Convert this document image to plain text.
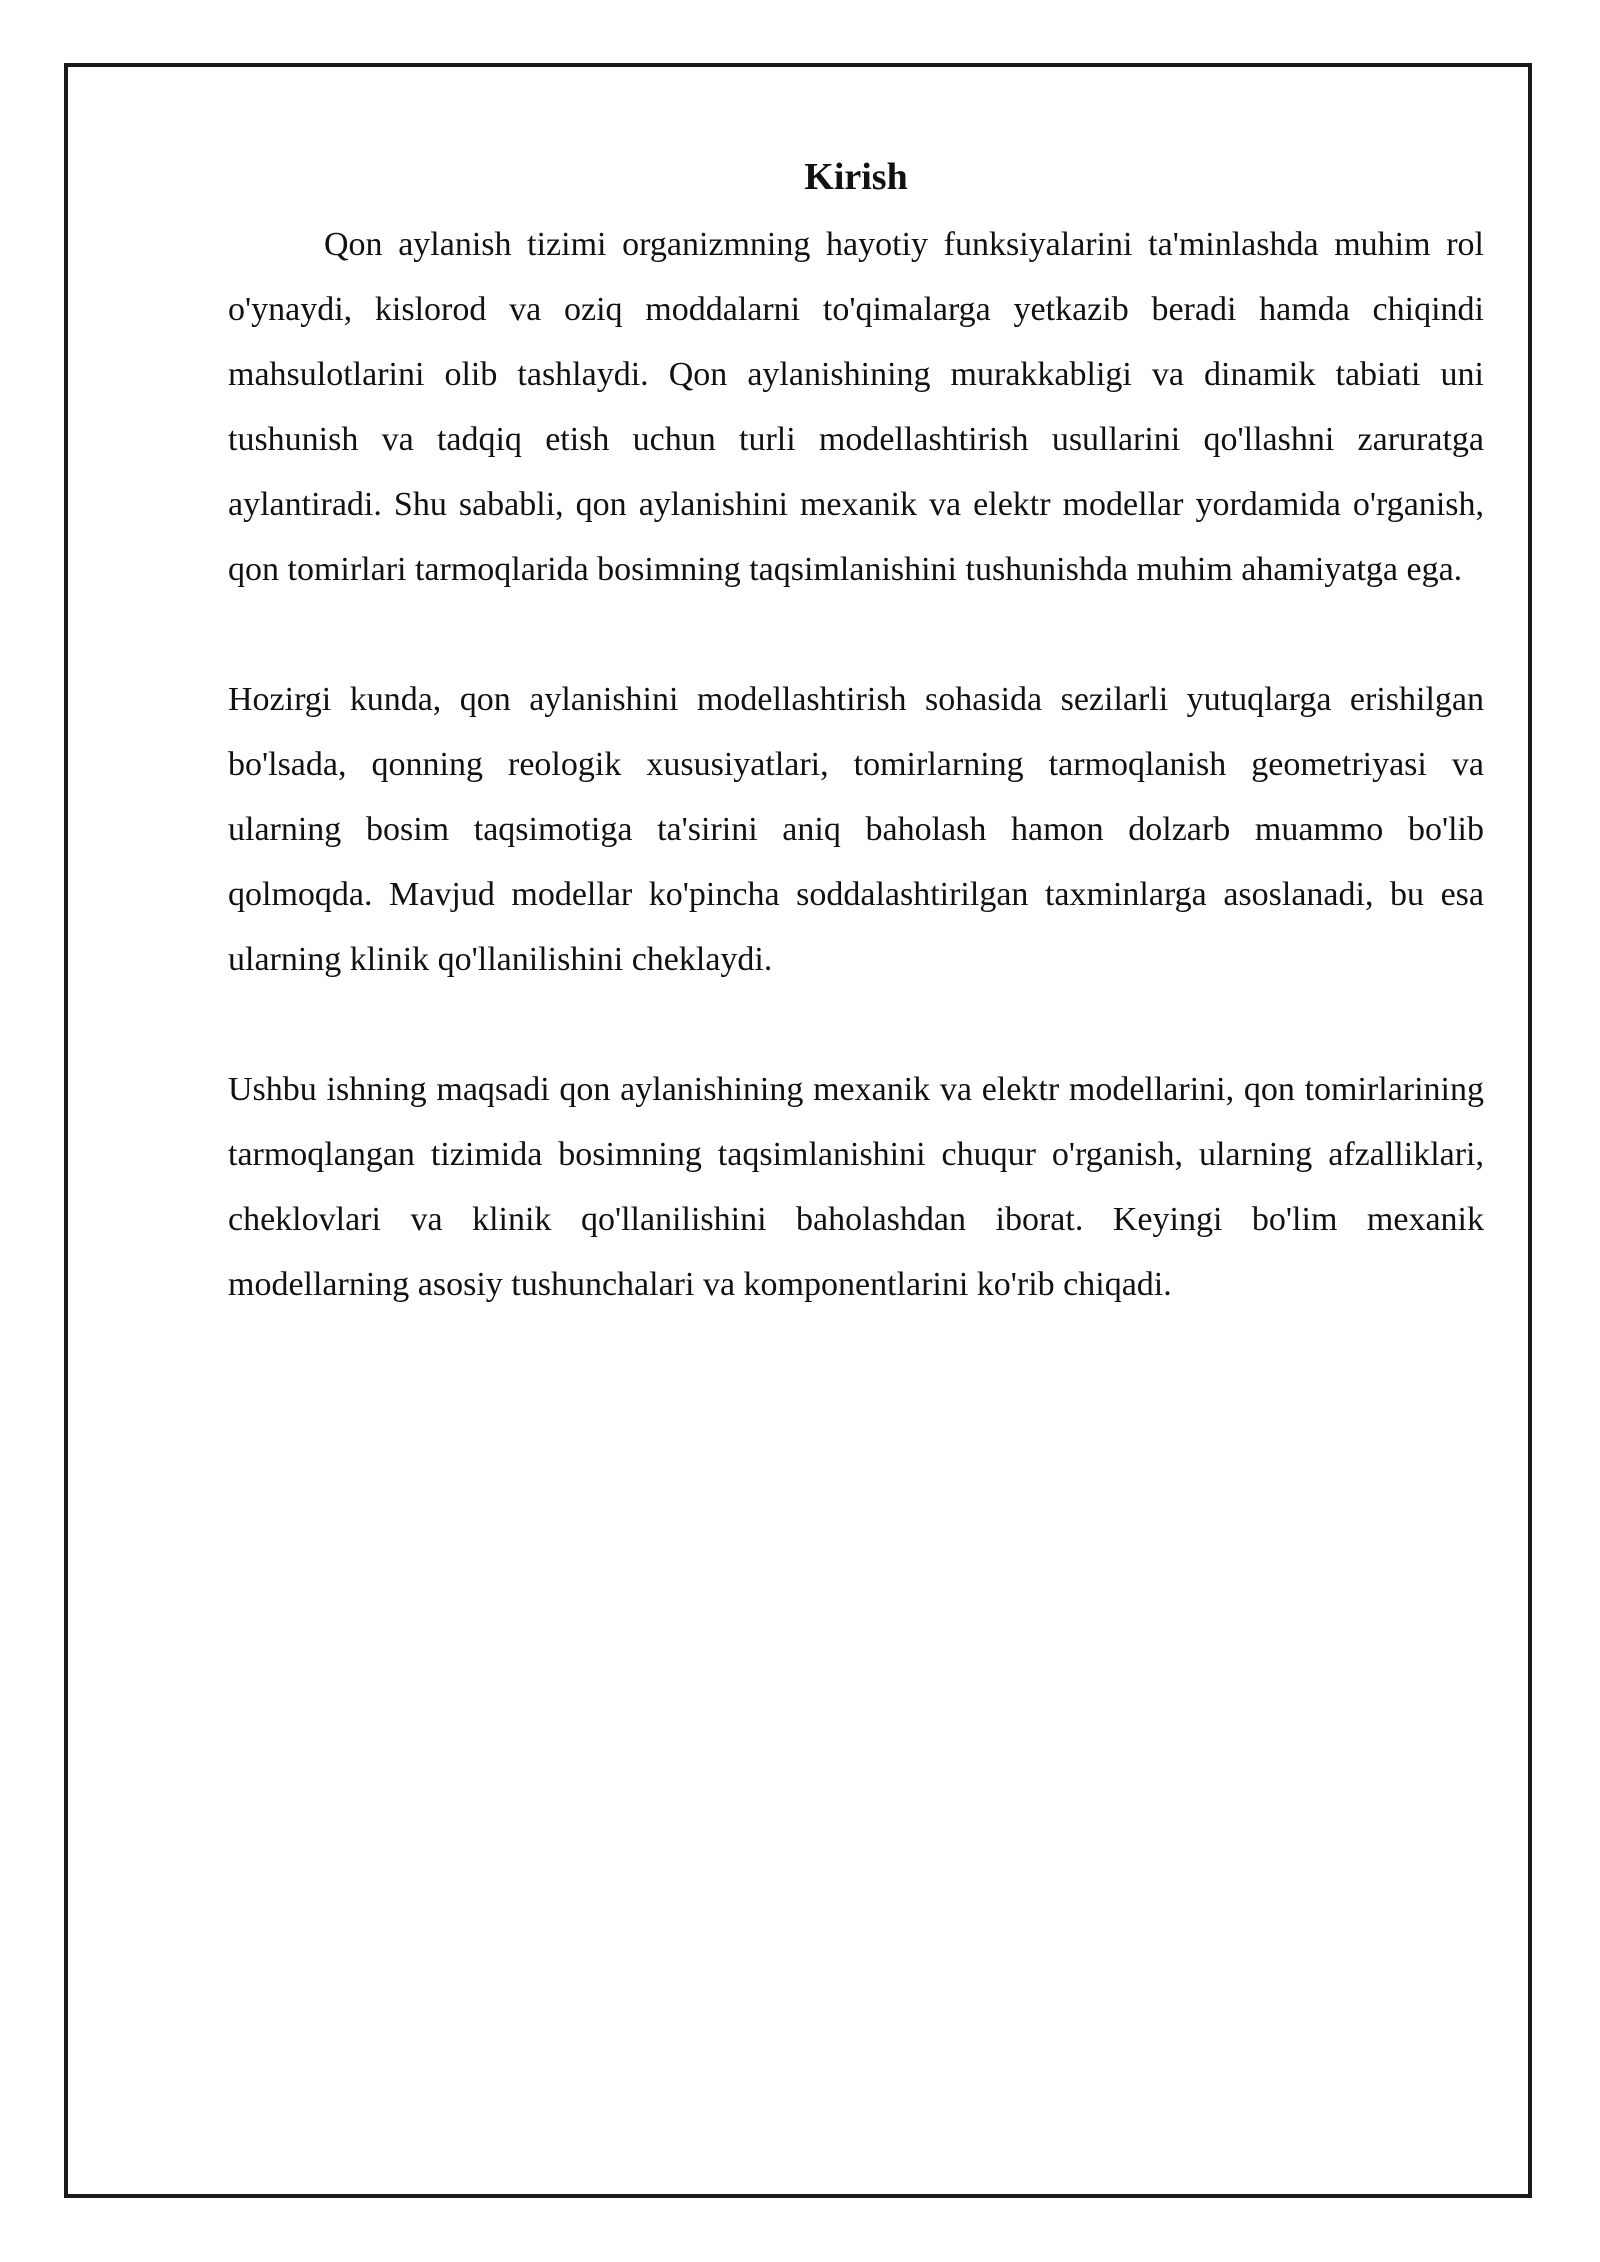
Kirish

Qon aylanish tizimi organizmning hayotiy funksiyalarini ta'minlashda muhim rol o'ynaydi, kislorod va oziq moddalarni to'qimalarga yetkazib beradi hamda chiqindi mahsulotlarini olib tashlaydi. Qon aylanishining murakkabligi va dinamik tabiati uni tushunish va tadqiq etish uchun turli modellashtirish usullarini qo'llashni zaruratga aylantiradi. Shu sababli, qon aylanishini mexanik va elektr modellar yordamida o'rganish, qon tomirlari tarmoqlarida bosimning taqsimlanishini tushunishda muhim ahamiyatga ega.

Hozirgi kunda, qon aylanishini modellashtirish sohasida sezilarli yutuqlarga erishilgan bo'lsada, qonning reologik xususiyatlari, tomirlarning tarmoqlanish geometriyasi va ularning bosim taqsimotiga ta'sirini aniq baholash hamon dolzarb muammo bo'lib qolmoqda. Mavjud modellar ko'pincha soddalashtirilgan taxminlarga asoslanadi, bu esa ularning klinik qo'llanilishini cheklaydi.

Ushbu ishning maqsadi qon aylanishining mexanik va elektr modellarini, qon tomirlarining tarmoqlangan tizimida bosimning taqsimlanishini chuqur o'rganish, ularning afzalliklari, cheklovlari va klinik qo'llanilishini baholashdan iborat. Keyingi bo'lim mexanik modellarning asosiy tushunchalari va komponentlarini ko'rib chiqadi.
